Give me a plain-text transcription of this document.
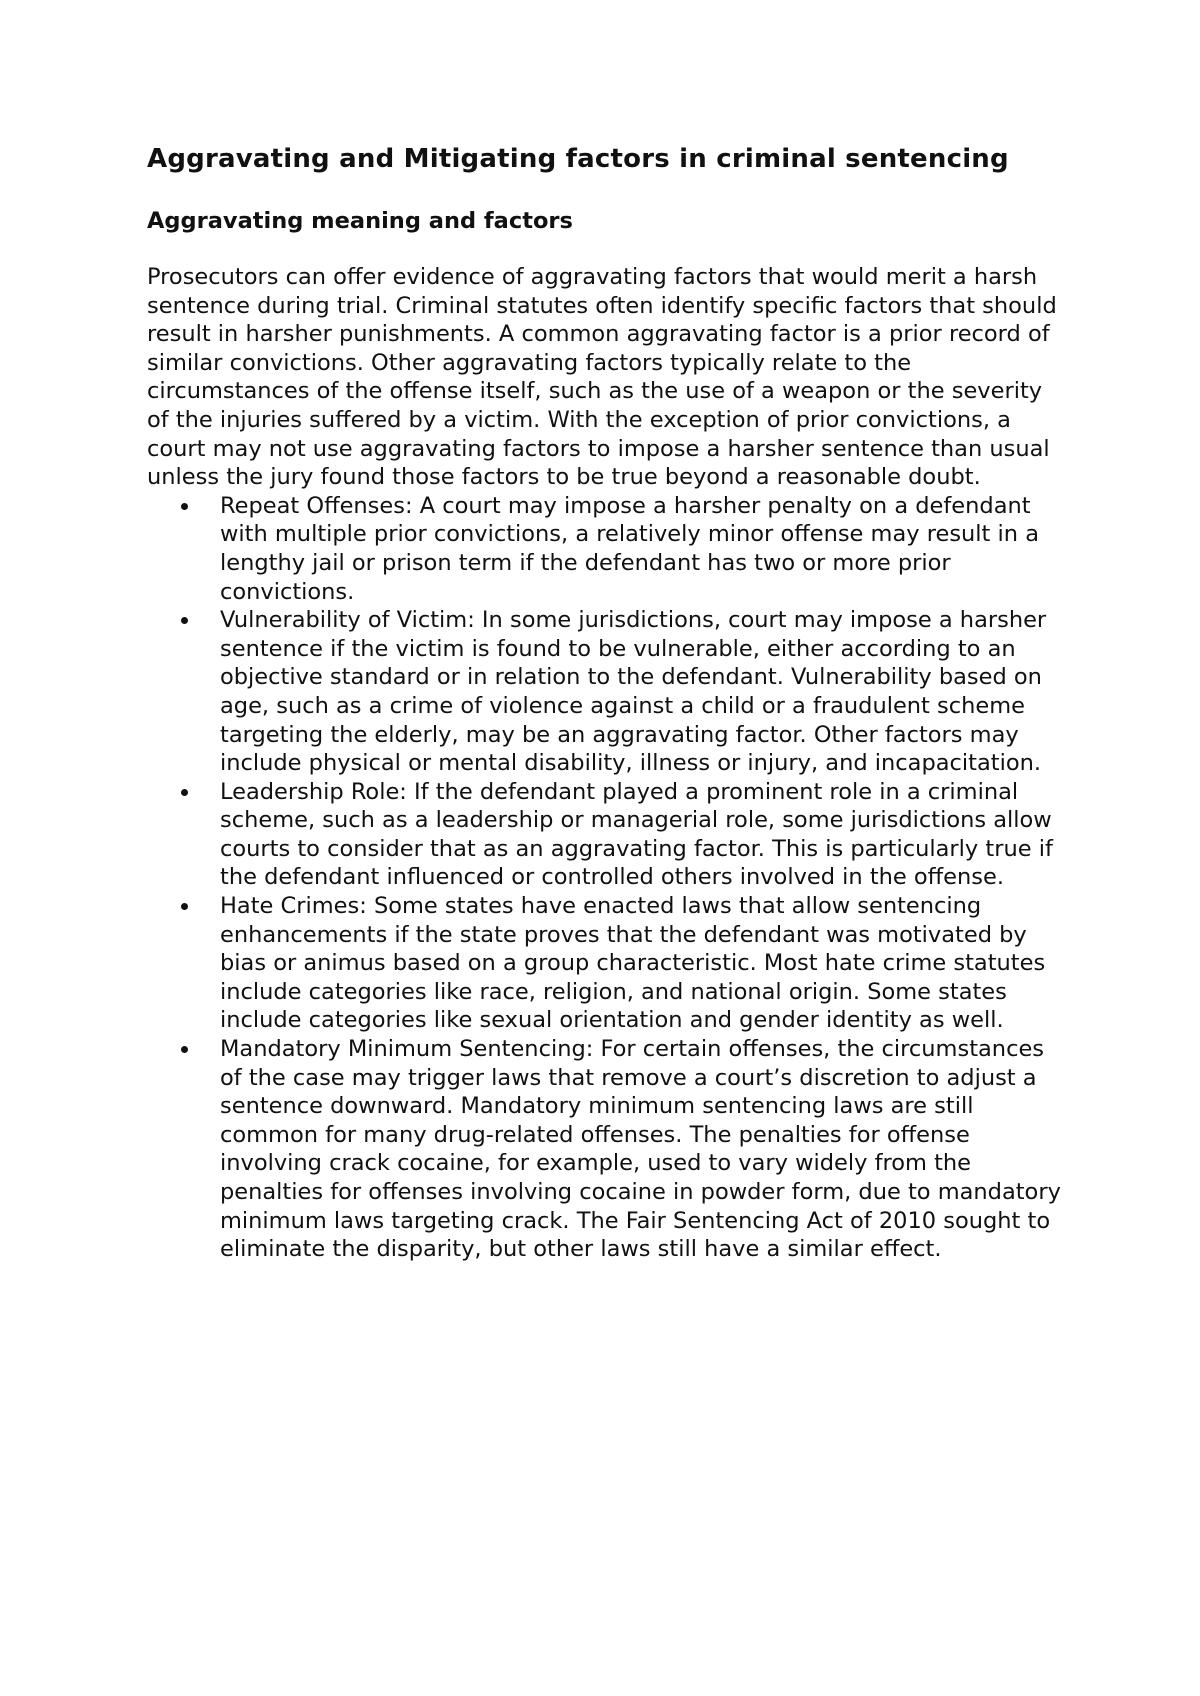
Aggravating and Mitigating factors in criminal sentencing
Aggravating meaning and factors

Prosecutors can offer evidence of aggravating factors that would merit a harsh sentence during trial. Criminal statutes often identify specific factors that should result in harsher punishments. A common aggravating factor is a prior record of similar convictions. Other aggravating factors typically relate to the circumstances of the offense itself, such as the use of a weapon or the severity of the injuries suffered by a victim. With the exception of prior convictions, a court may not use aggravating factors to impose a harsher sentence than usual unless the jury found those factors to be true beyond a reasonable doubt.

Repeat Offenses: A court may impose a harsher penalty on a defendant with multiple prior convictions, a relatively minor offense may result in a lengthy jail or prison term if the defendant has two or more prior convictions.
Vulnerability of Victim: In some jurisdictions, court may impose a harsher sentence if the victim is found to be vulnerable, either according to an objective standard or in relation to the defendant. Vulnerability based on age, such as a crime of violence against a child or a fraudulent scheme targeting the elderly, may be an aggravating factor. Other factors may include physical or mental disability, illness or injury, and incapacitation.
Leadership Role: If the defendant played a prominent role in a criminal scheme, such as a leadership or managerial role, some jurisdictions allow courts to consider that as an aggravating factor. This is particularly true if the defendant influenced or controlled others involved in the offense.
Hate Crimes: Some states have enacted laws that allow sentencing enhancements if the state proves that the defendant was motivated by bias or animus based on a group characteristic. Most hate crime statutes include categories like race, religion, and national origin. Some states include categories like sexual orientation and gender identity as well.
Mandatory Minimum Sentencing: For certain offenses, the circumstances of the case may trigger laws that remove a court’s discretion to adjust a sentence downward. Mandatory minimum sentencing laws are still common for many drug-related offenses. The penalties for offense involving crack cocaine, for example, used to vary widely from the penalties for offenses involving cocaine in powder form, due to mandatory minimum laws targeting crack. The Fair Sentencing Act of 2010 sought to eliminate the disparity, but other laws still have a similar effect.
